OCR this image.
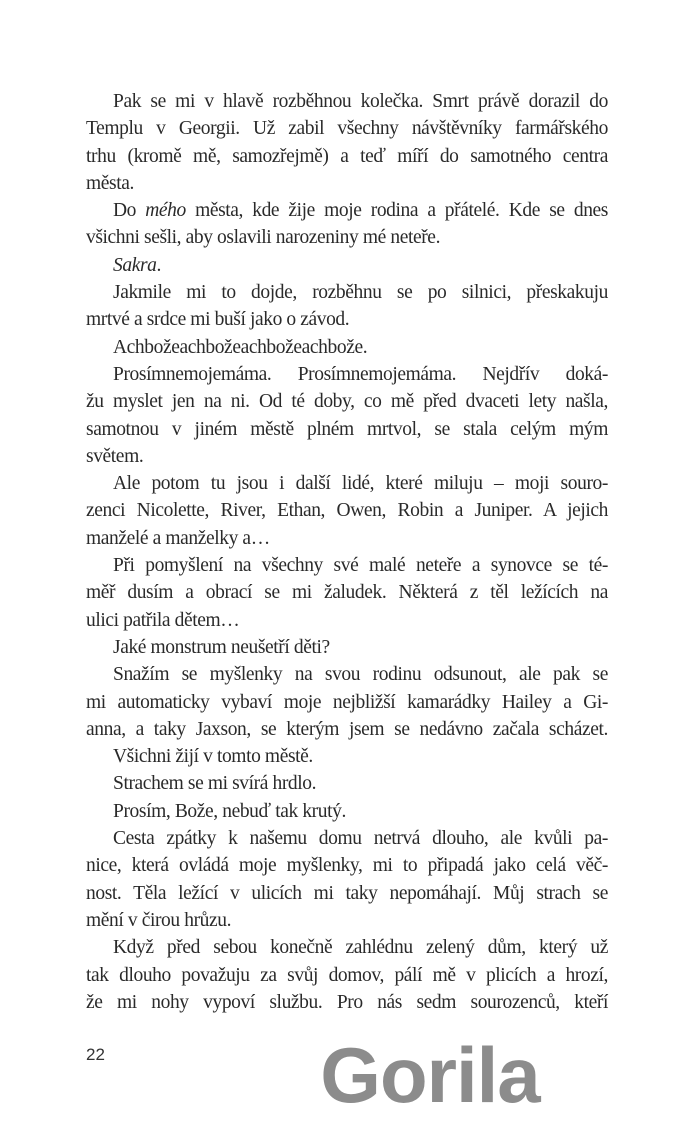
Pak se mi v hlavě rozběhnou kolečka. Smrt právě dorazil do
Templu v Georgii. Už zabil všechny návštěvníky farmářského
trhu (kromě mě, samozřejmě) a teď míří do samotného centra
města.
Do mého města, kde žije moje rodina a přátelé. Kde se dnes
všichni sešli, aby oslavili narozeniny mé neteře.
Sakra.
Jakmile mi to dojde, rozběhnu se po silnici, přeskakuju
mrtvé a srdce mi buší jako o závod.
Achbožeachbožeachbožeachbože.
Prosímnemojemáma. Prosímnemojemáma. Nejdřív doká-
žu myslet jen na ni. Od té doby, co mě před dvaceti lety našla,
samotnou v jiném městě plném mrtvol, se stala celým mým
světem.
Ale potom tu jsou i další lidé, které miluju – moji souro-
zenci Nicolette, River, Ethan, Owen, Robin a Juniper. A jejich
manželé a manželky a…
Při pomyšlení na všechny své malé neteře a synovce se té-
měř dusím a obrací se mi žaludek. Některá z těl ležících na
ulici patřila dětem…
Jaké monstrum neušetří děti?
Snažím se myšlenky na svou rodinu odsunout, ale pak se
mi automaticky vybaví moje nejbližší kamarádky Hailey a Gi-
anna, a taky Jaxson, se kterým jsem se nedávno začala scházet.
Všichni žijí v tomto městě.
Strachem se mi svírá hrdlo.
Prosím, Bože, nebuď tak krutý.
Cesta zpátky k našemu domu netrvá dlouho, ale kvůli pa-
nice, která ovládá moje myšlenky, mi to připadá jako celá věč-
nost. Těla ležící v ulicích mi taky nepomáhají. Můj strach se
mění v čirou hrůzu.
Když před sebou konečně zahlédnu zelený dům, který už
tak dlouho považuju za svůj domov, pálí mě v plicích a hrozí,
že mi nohy vypoví službu. Pro nás sedm sourozenců, kteří
Gorila
22
